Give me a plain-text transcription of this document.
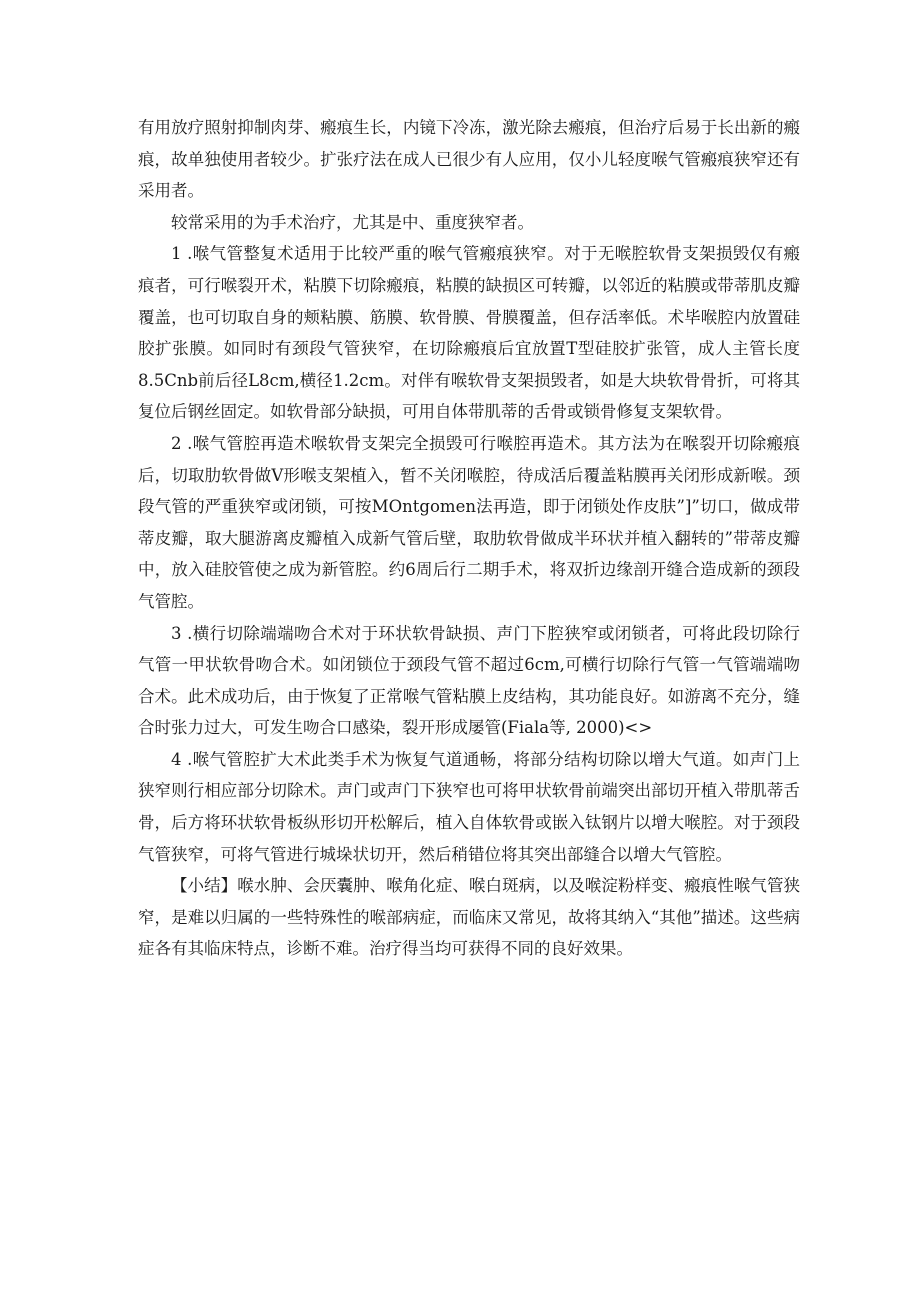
有用放疗照射抑制肉芽、瘢痕生长，内镜下冷冻，激光除去瘢痕，但治疗后易于长出新的瘢痕，故单独使用者较少。扩张疗法在成人已很少有人应用，仅小儿轻度喉气管瘢痕狭窄还有采用者。

较常采用的为手术治疗，尤其是中、重度狭窄者。

1 .喉气管整复术适用于比较严重的喉气管瘢痕狭窄。对于无喉腔软骨支架损毁仅有瘢痕者，可行喉裂开术，粘膜下切除瘢痕，粘膜的缺损区可转瓣，以邻近的粘膜或带蒂肌皮瓣覆盖，也可切取自身的颊粘膜、筋膜、软骨膜、骨膜覆盖，但存活率低。术毕喉腔内放置硅胶扩张膜。如同时有颈段气管狭窄，在切除瘢痕后宜放置T型硅胶扩张管，成人主管长度8.5Cnb前后径L8cm,横径1.2cm。对伴有喉软骨支架损毁者，如是大块软骨骨折，可将其复位后钢丝固定。如软骨部分缺损，可用自体带肌蒂的舌骨或锁骨修复支架软骨。

2 .喉气管腔再造术喉软骨支架完全损毁可行喉腔再造术。其方法为在喉裂开切除瘢痕后，切取肋软骨做V形喉支架植入，暂不关闭喉腔，待成活后覆盖粘膜再关闭形成新喉。颈段气管的严重狭窄或闭锁，可按MOntgomen法再造，即于闭锁处作皮肤”]”切口，做成带蒂皮瓣，取大腿游离皮瓣植入成新气管后壁，取肋软骨做成半环状并植入翻转的”带蒂皮瓣中，放入硅胶管使之成为新管腔。约6周后行二期手术，将双折边缘剖开缝合造成新的颈段气管腔。

3 .横行切除端端吻合术对于环状软骨缺损、声门下腔狭窄或闭锁者，可将此段切除行气管一甲状软骨吻合术。如闭锁位于颈段气管不超过6cm,可横行切除行气管一气管端端吻合术。此术成功后，由于恢复了正常喉气管粘膜上皮结构，其功能良好。如游离不充分，缝合时张力过大，可发生吻合口感染，裂开形成屡管(Fiala等, 2000)<>

4 .喉气管腔扩大术此类手术为恢复气道通畅，将部分结构切除以增大气道。如声门上狭窄则行相应部分切除术。声门或声门下狭窄也可将甲状软骨前端突出部切开植入带肌蒂舌骨，后方将环状软骨板纵形切开松解后，植入自体软骨或嵌入钛钢片以增大喉腔。对于颈段气管狭窄，可将气管进行城垛状切开，然后稍错位将其突出部缝合以增大气管腔。

【小结】喉水肿、会厌囊肿、喉角化症、喉白斑病，以及喉淀粉样变、瘢痕性喉气管狭窄，是难以归属的一些特殊性的喉部病症，而临床又常见，故将其纳入“其他”描述。这些病症各有其临床特点，诊断不难。治疗得当均可获得不同的良好效果。
